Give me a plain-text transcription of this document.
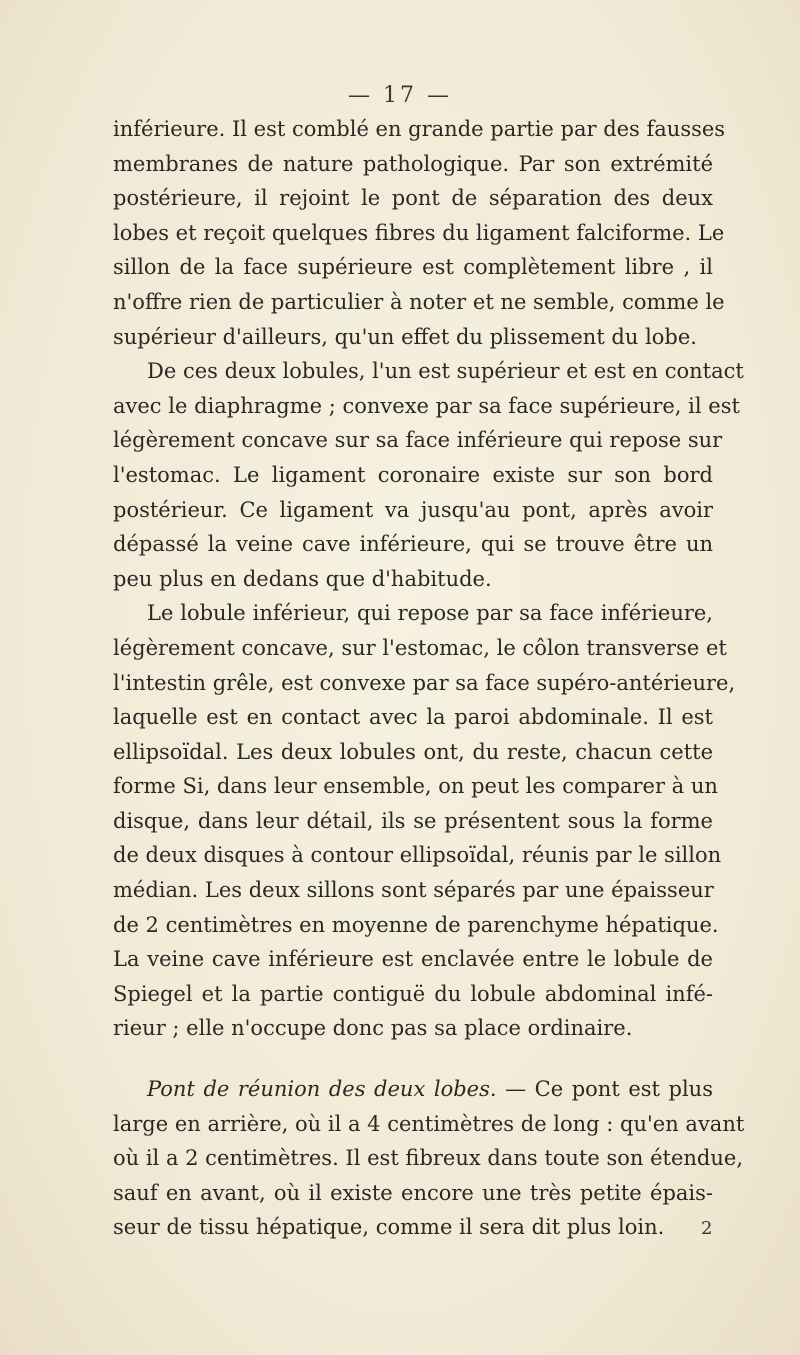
— 17 —
inférieure. Il est comblé en grande partie par des fausses
membranes de nature pathologique. Par son extrémité
postérieure, il rejoint le pont de séparation des deux
lobes et reçoit quelques fibres du ligament falciforme. Le
sillon de la face supérieure est complètement libre , il
n'offre rien de particulier à noter et ne semble, comme le
supérieur d'ailleurs, qu'un effet du plissement du lobe.
De ces deux lobules, l'un est supérieur et est en contact
avec le diaphragme ; convexe par sa face supérieure, il est
légèrement concave sur sa face inférieure qui repose sur
l'estomac. Le ligament coronaire existe sur son bord
postérieur. Ce ligament va jusqu'au pont, après avoir
dépassé la veine cave inférieure, qui se trouve être un
peu plus en dedans que d'habitude.
Le lobule inférieur, qui repose par sa face inférieure,
légèrement concave, sur l'estomac, le côlon transverse et
l'intestin grêle, est convexe par sa face supéro-antérieure,
laquelle est en contact avec la paroi abdominale. Il est
ellipsoïdal. Les deux lobules ont, du reste, chacun cette
forme Si, dans leur ensemble, on peut les comparer à un
disque, dans leur détail, ils se présentent sous la forme
de deux disques à contour ellipsoïdal, réunis par le sillon
médian. Les deux sillons sont séparés par une épaisseur
de 2 centimètres en moyenne de parenchyme hépatique.
La veine cave inférieure est enclavée entre le lobule de
Spiegel et la partie contiguë du lobule abdominal infé-
rieur ; elle n'occupe donc pas sa place ordinaire.
Pont de réunion des deux lobes. — Ce pont est plus
large en arrière, où il a 4 centimètres de long : qu'en avant
où il a 2 centimètres. Il est fibreux dans toute son étendue,
sauf en avant, où il existe encore une très petite épais-
seur de tissu hépatique, comme il sera dit plus loin.	2
